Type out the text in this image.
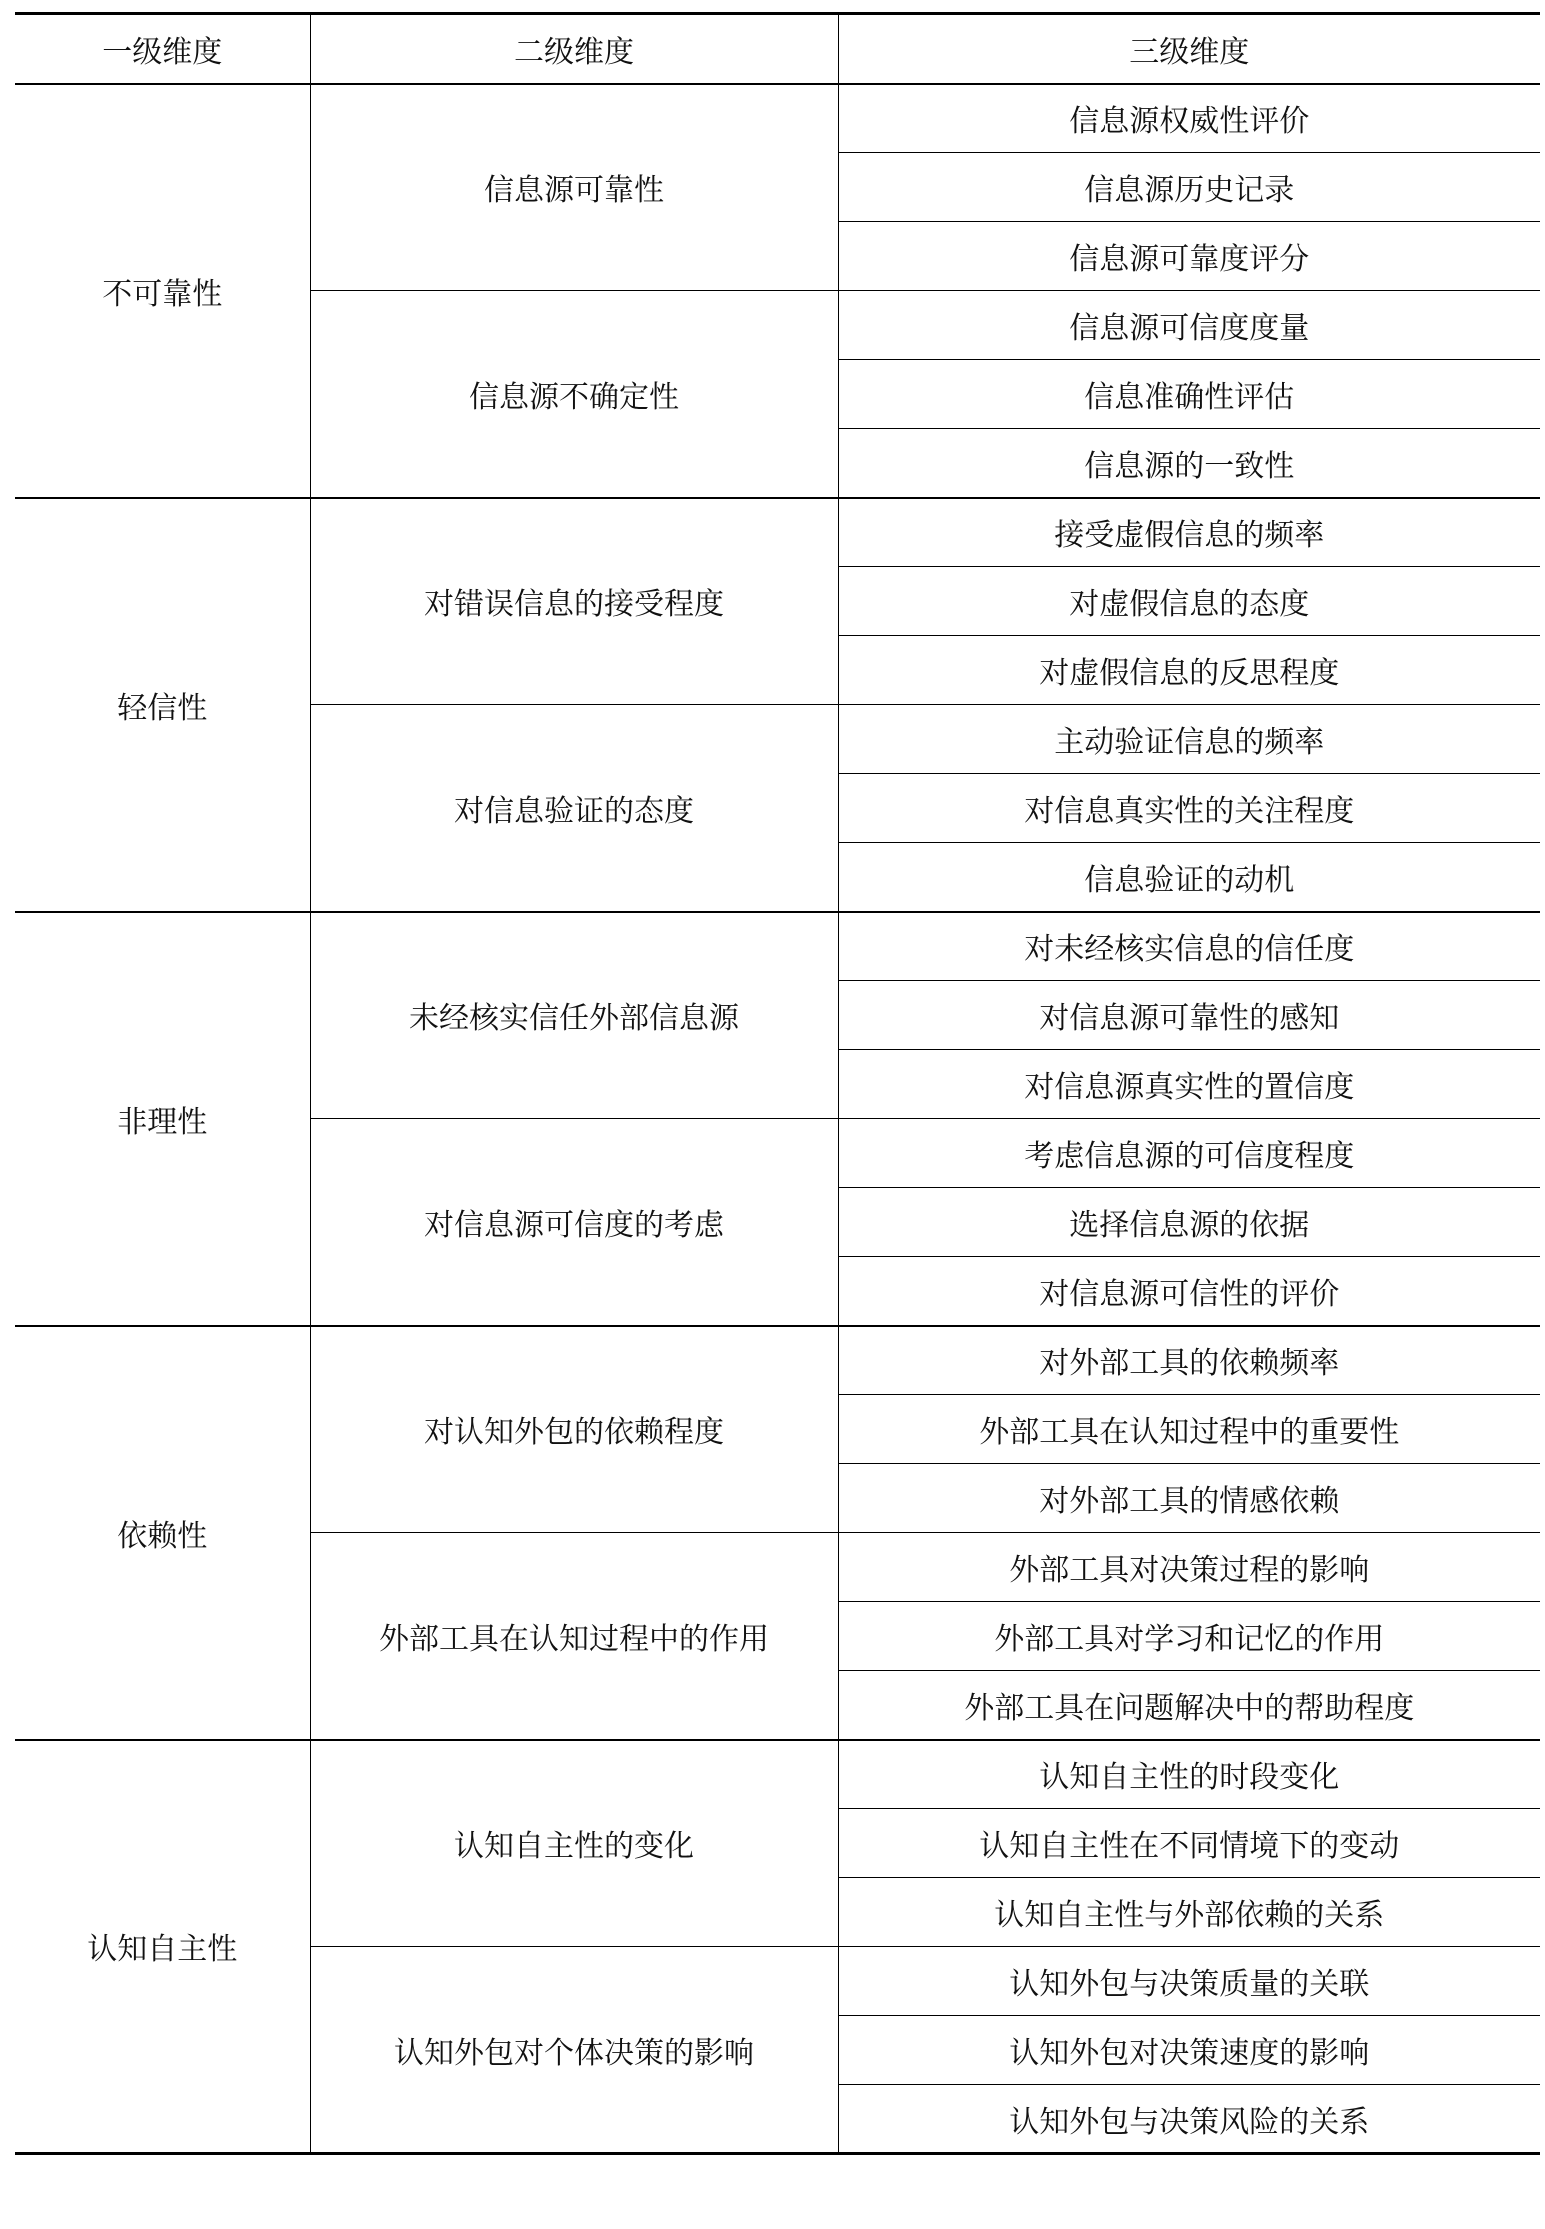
一级维度	二级维度	三级维度
不可靠性	信息源可靠性	信息源权威性评价
		信息源历史记录
		信息源可靠度评分
	信息源不确定性	信息源可信度度量
		信息准确性评估
		信息源的一致性
轻信性	对错误信息的接受程度	接受虚假信息的频率
		对虚假信息的态度
		对虚假信息的反思程度
	对信息验证的态度	主动验证信息的频率
		对信息真实性的关注程度
		信息验证的动机
非理性	未经核实信任外部信息源	对未经核实信息的信任度
		对信息源可靠性的感知
		对信息源真实性的置信度
	对信息源可信度的考虑	考虑信息源的可信度程度
		选择信息源的依据
		对信息源可信性的评价
依赖性	对认知外包的依赖程度	对外部工具的依赖频率
		外部工具在认知过程中的重要性
		对外部工具的情感依赖
	外部工具在认知过程中的作用	外部工具对决策过程的影响
		外部工具对学习和记忆的作用
		外部工具在问题解决中的帮助程度
认知自主性	认知自主性的变化	认知自主性的时段变化
		认知自主性在不同情境下的变动
		认知自主性与外部依赖的关系
	认知外包对个体决策的影响	认知外包与决策质量的关联
		认知外包对决策速度的影响
		认知外包与决策风险的关系
